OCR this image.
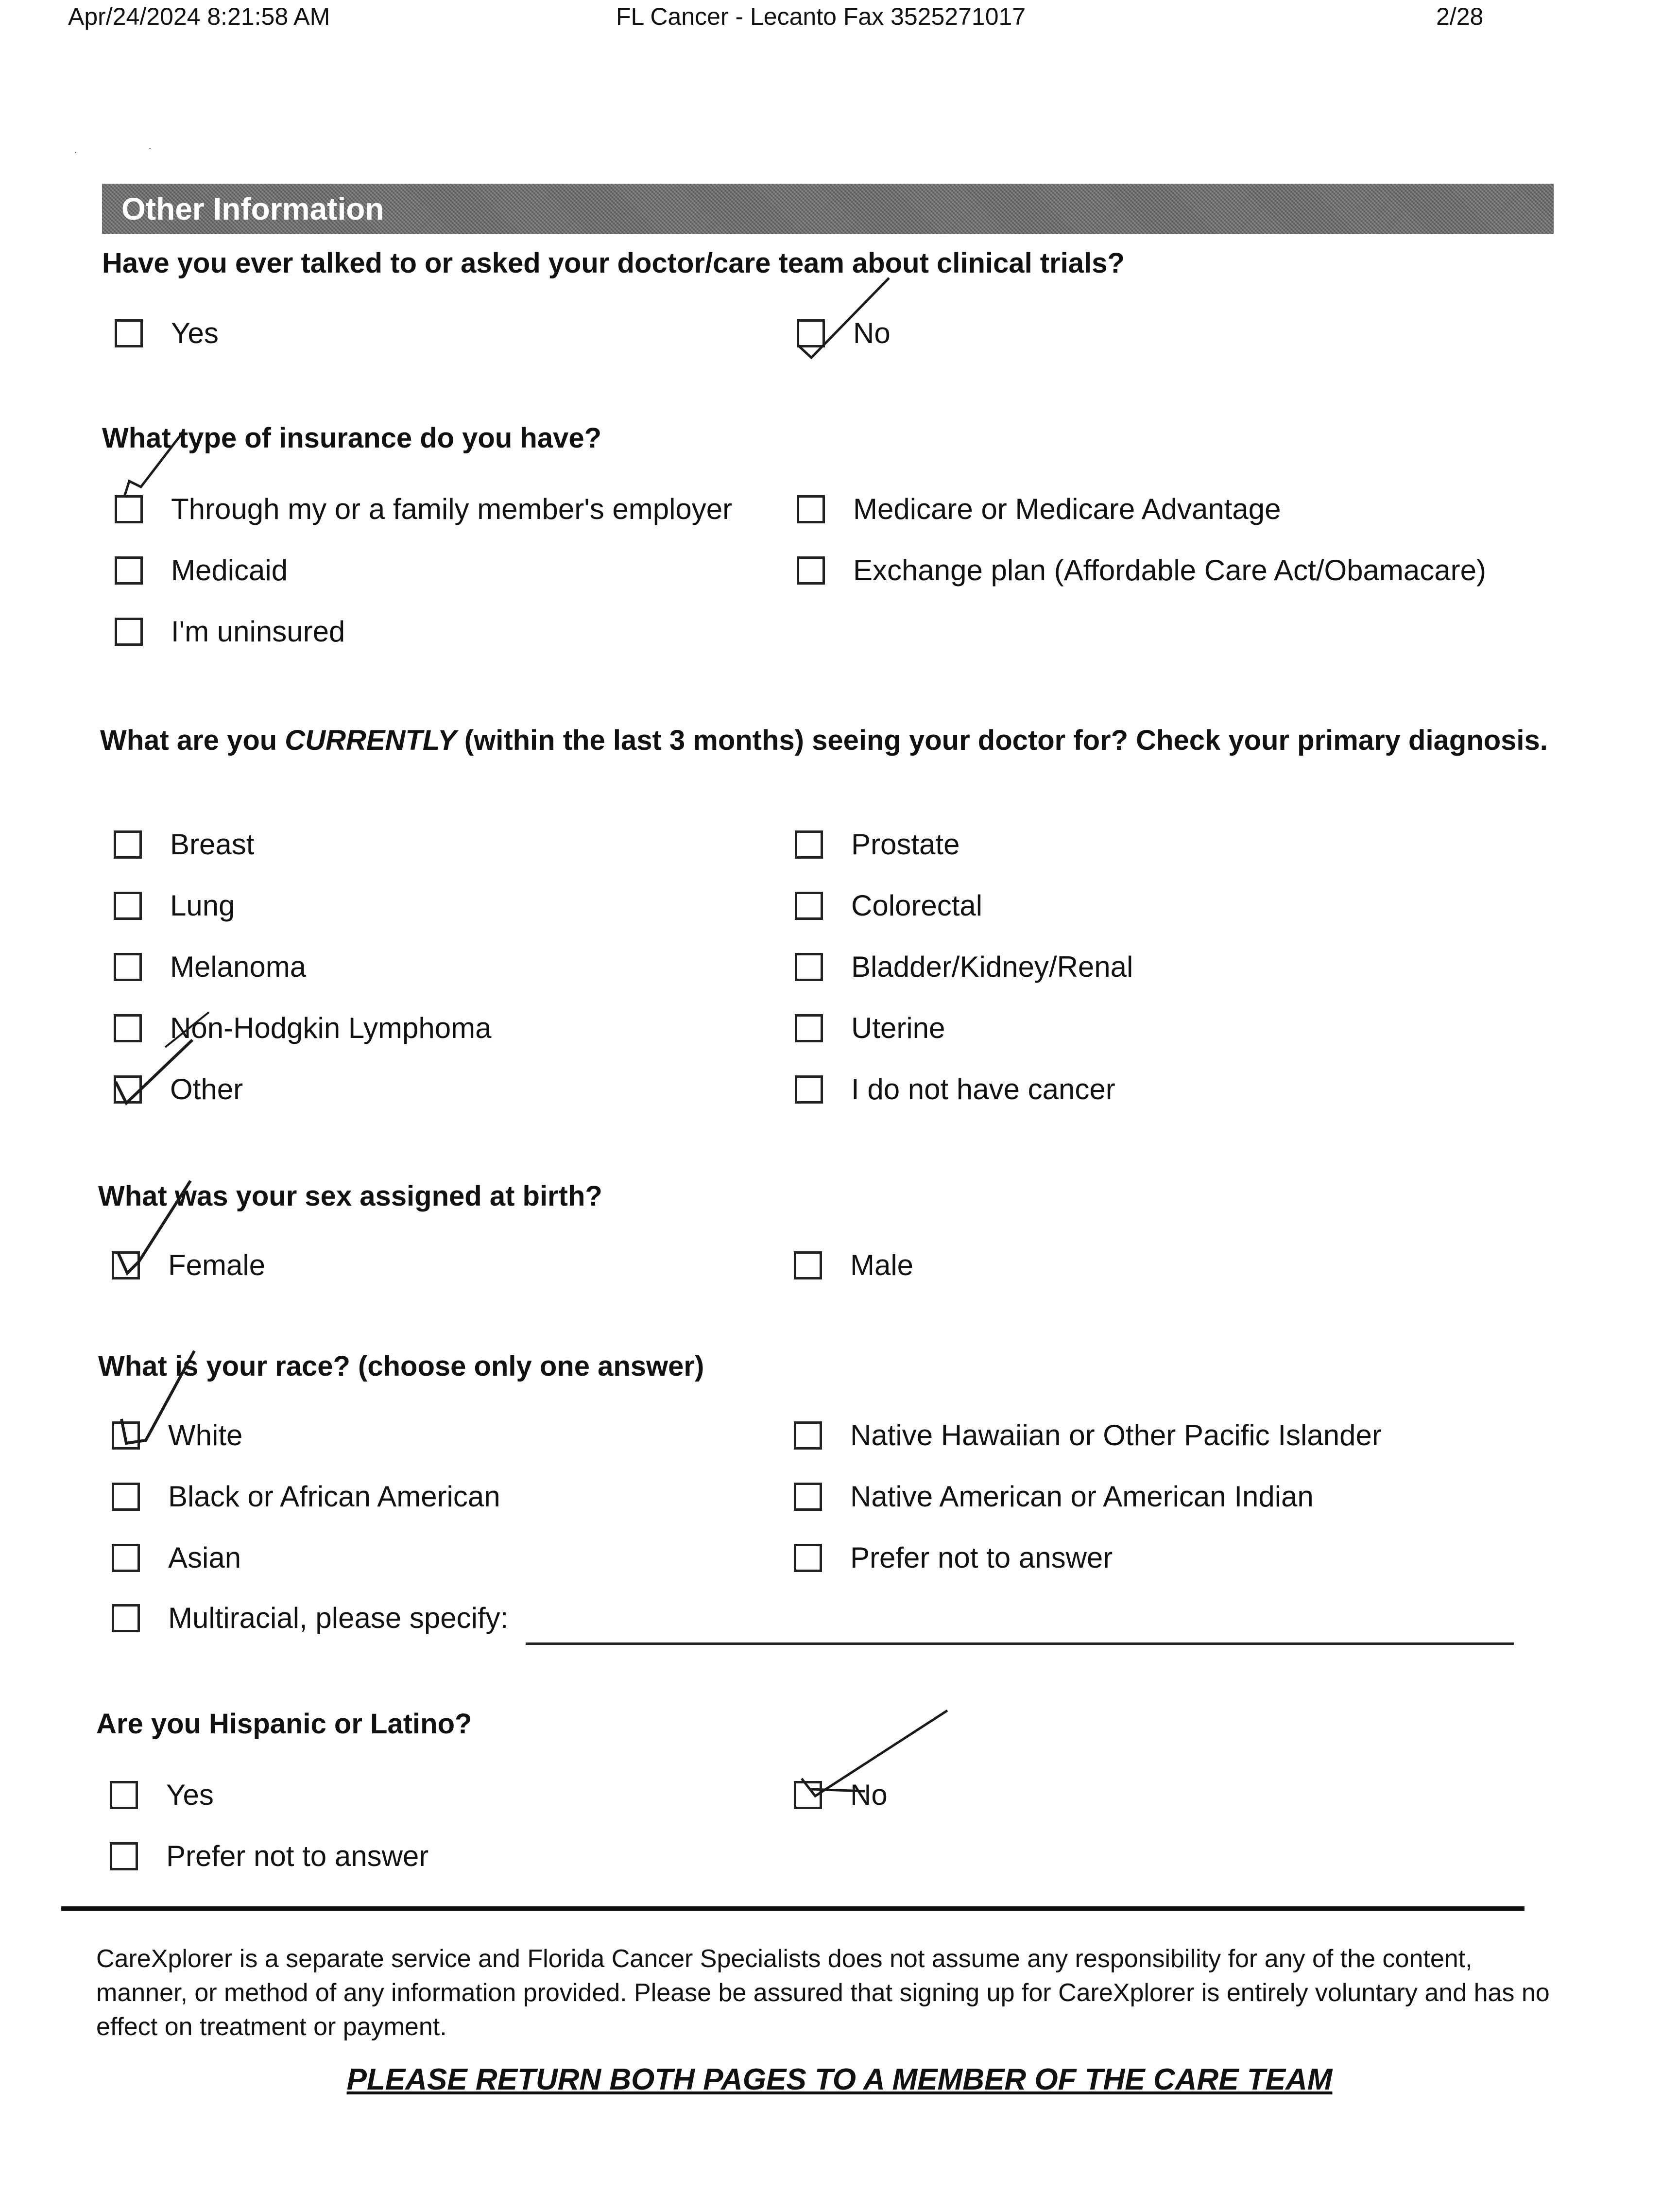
Apr/24/2024 8:21:58 AM	FL Cancer - Lecanto Fax 3525271017	2/28
·	·
Other Information
Have you ever talked to or asked your doctor/care team about clinical trials?
Yes	No
What type of insurance do you have?
Through my or a family member's employer	Medicare or Medicare Advantage
Medicaid	Exchange plan (Affordable Care Act/Obamacare)
I'm uninsured
What are you CURRENTLY (within the last 3 months) seeing your doctor for? Check your primary diagnosis.
Breast	Prostate
Lung	Colorectal
Melanoma	Bladder/Kidney/Renal
Non-Hodgkin Lymphoma	Uterine
Other	I do not have cancer
What was your sex assigned at birth?
Female	Male
What is your race? (choose only one answer)
White	Native Hawaiian or Other Pacific Islander
Black or African American	Native American or American Indian
Asian	Prefer not to answer
Multiracial, please specify:
Are you Hispanic or Latino?
Yes	No
Prefer not to answer
CareXplorer is a separate service and Florida Cancer Specialists does not assume any responsibility for any of the content, manner, or method of any information provided. Please be assured that signing up for CareXplorer is entirely voluntary and has no effect on treatment or payment.
PLEASE RETURN BOTH PAGES TO A MEMBER OF THE CARE TEAM
